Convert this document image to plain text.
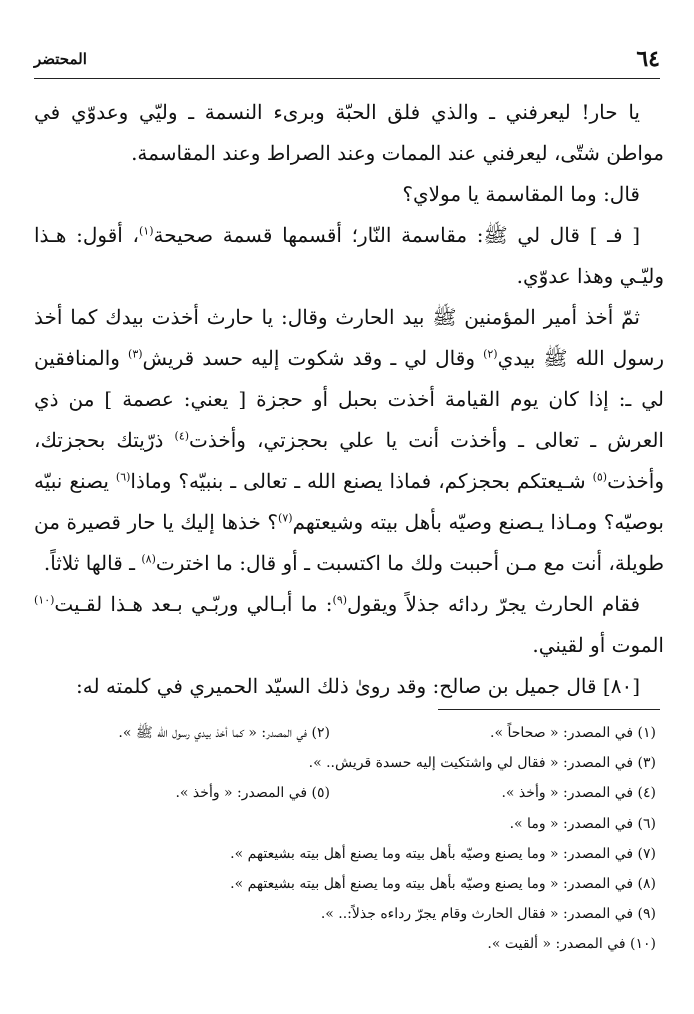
٦٤
المحتضر

يا حار! ليعرفني ـ والذي فلق الحبّة وبرىء النسمة ـ وليّي وعدوّي في مواطن شتّى، ليعرفني عند الممات وعند الصراط وعند المقاسمة.

قال: وما المقاسمة يا مولاي؟

[ فـ ] قال لي ﷺ: مقاسمة النّار؛ أقسمها قسمة صحيحة$^{(١)}$، أقول: هـذا وليّـي وهذا عدوّي.

ثمّ أخذ أمير المؤمنين ﷺ بيد الحارث وقال: يا حارث أخذت بيدك كما أخذ رسول الله ﷺ بيدي$^{(٢)}$ وقال لي ـ وقد شكوت إليه حسد قريش$^{(٣)}$ والمنافقين لي ـ: إذا كان يوم القيامة أخذت بحبل أو حجزة [ يعني: عصمة ] من ذي العرش ـ تعالى ـ وأخذت أنت يا علي بحجزتي، وأخذت$^{(٤)}$ ذرّيتك بحجزتك، وأخذت$^{(٥)}$ شـيعتكم بحجزكم، فماذا يصنع الله ـ تعالى ـ بنبيّه؟ وماذا$^{(٦)}$ يصنع نبيّه بوصيّه؟ ومـاذا يـصنع وصيّه بأهل بيته وشيعتهم$^{(٧)}$؟ خذها إليك يا حار قصيرة من طويلة، أنت مع مـن أحببت ولك ما اكتسبت ـ أو قال: ما اخترت$^{(٨)}$ ـ قالها ثلاثاً.

فقام الحارث يجرّ ردائه جذلاً ويقول$^{(٩)}$: ما أبـالي وربّـي بـعد هـذا لقـيت$^{(١٠)}$ الموت أو لقيني.

[٨٠] قال جميل بن صالح: وقد روىٰ ذلك السيّد الحميري في كلمته له:

(١) في المصدر: « صحاحاً ».
(٢) في المصدر: « كما أخذ بيدي رسول الله ﷺ ».
(٣) في المصدر: « فقال لي واشتكيت إليه حسدة قريش.. ».
(٤) في المصدر: « وأخذ ».
(٥) في المصدر: « وأخذ ».
(٦) في المصدر: « وما ».
(٧) في المصدر: « وما يصنع وصيّه بأهل بيته وما يصنع أهل بيته بشيعتهم ».
(٨) في المصدر: « وما يصنع وصيّه بأهل بيته وما يصنع أهل بيته بشيعتهم ».
(٩) في المصدر: « فقال الحارث وقام يجرّ رداءه جذلاً:.. ».
(١٠) في المصدر: « ألقيت ».
